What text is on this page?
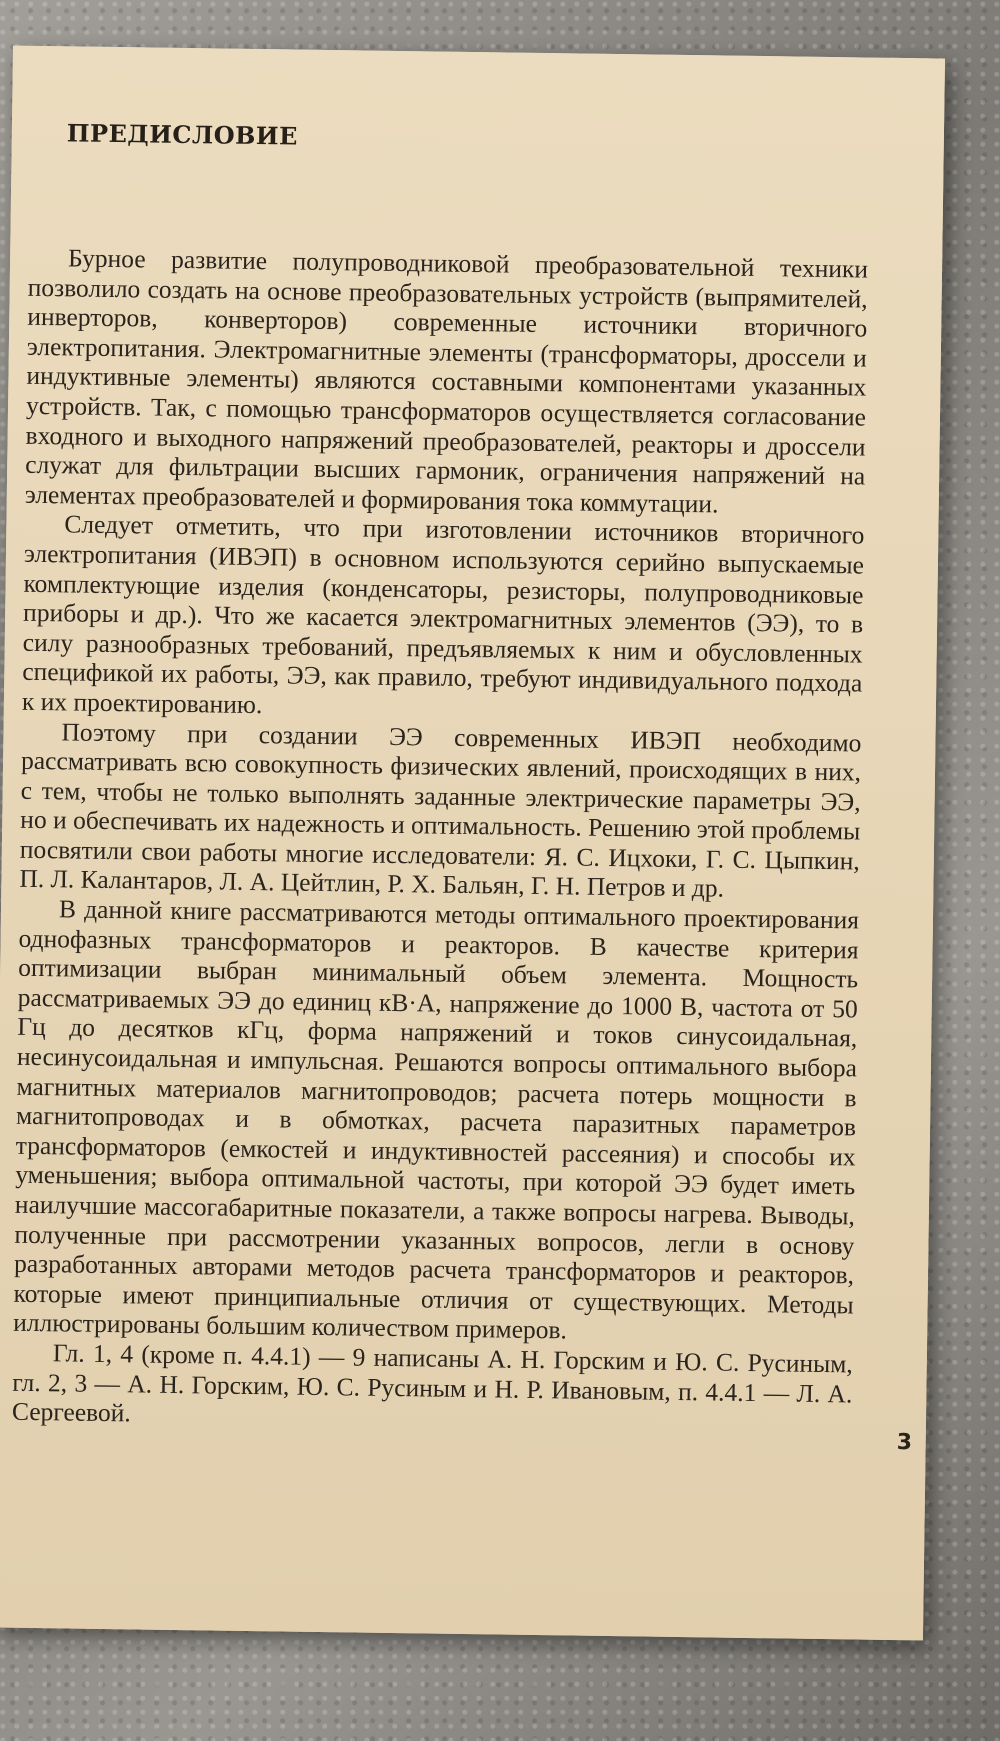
ПРЕДИСЛОВИЕ

Бурное развитие полупроводниковой преобразовательной техники позволило создать на основе преобразовательных устройств (выпрямителей, инверторов, конверторов) современные источники вторичного электропитания. Электромагнитные элементы (трансформаторы, дроссели и индуктивные элементы) являются составными компонентами указанных устройств. Так, с помощью трансформаторов осуществляется согласование входного и выходного напряжений преобразователей, реакторы и дроссели служат для фильтрации высших гармоник, ограничения напряжений на элементах преобразователей и формирования тока коммутации.

Следует отметить, что при изготовлении источников вторичного электропитания (ИВЭП) в основном используются серийно выпускаемые комплектующие изделия (конденсаторы, резисторы, полупроводниковые приборы и др.). Что же касается электромагнитных элементов (ЭЭ), то в силу разнообразных требований, предъявляемых к ним и обусловленных спецификой их работы, ЭЭ, как правило, требуют индивидуального подхода к их проектированию.

Поэтому при создании ЭЭ современных ИВЭП необходимо рассматривать всю совокупность физических явлений, происходящих в них, с тем, чтобы не только выполнять заданные электрические параметры ЭЭ, но и обеспечивать их надежность и оптимальность. Решению этой проблемы посвятили свои работы многие исследователи: Я. С. Ицхоки, Г. С. Цыпкин, П. Л. Калантаров, Л. А. Цейтлин, Р. Х. Бальян, Г. Н. Петров и др.

В данной книге рассматриваются методы оптимального проектирования однофазных трансформаторов и реакторов. В качестве критерия оптимизации выбран минимальный объем элемента. Мощность рассматриваемых ЭЭ до единиц кВ·А, напряжение до 1000 В, частота от 50 Гц до десятков кГц, форма напряжений и токов синусоидальная, несинусоидальная и импульсная. Решаются вопросы оптимального выбора магнитных материалов магнитопроводов; расчета потерь мощности в магнитопроводах и в обмотках, расчета паразитных параметров трансформаторов (емкостей и индуктивностей рассеяния) и способы их уменьшения; выбора оптимальной частоты, при которой ЭЭ будет иметь наилучшие массогабаритные показатели, а также вопросы нагрева. Выводы, полученные при рассмотрении указанных вопросов, легли в основу разработанных авторами методов расчета трансформаторов и реакторов, которые имеют принципиальные отличия от существующих. Методы иллюстрированы большим количеством примеров.

Гл. 1, 4 (кроме п. 4.4.1) — 9 написаны А. Н. Горским и Ю. С. Русиным, гл. 2, 3 — А. Н. Горским, Ю. С. Русиным и Н. Р. Ивановым, п. 4.4.1 — Л. А. Сергеевой.

3
